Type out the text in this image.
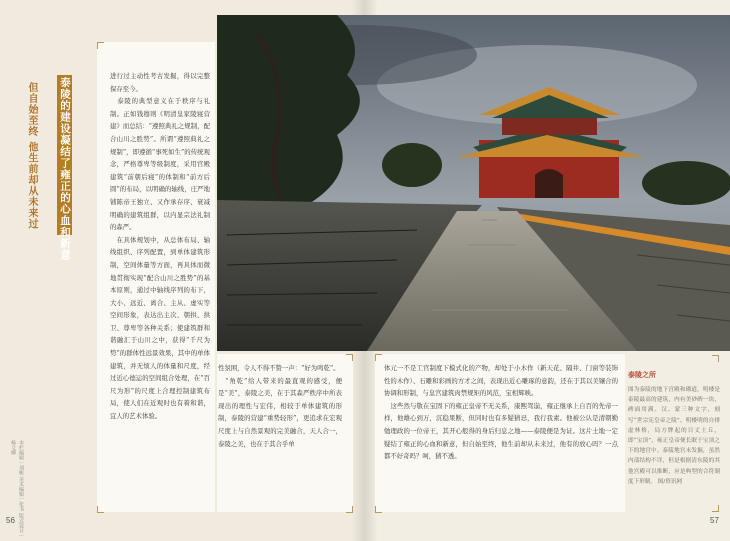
泰陵的建设凝结了雍正的心血和新意
但自始至终 他生前却从未来过
本栏编辑｜刘彬 美术编辑｜张书 版式设计｜杨文卿
进行过主动性考古发掘，得以完整保存至今。
　泰陵的典型意义在于秩序与礼制。正如钱穆则《明清皇家陵寝营建》而总结：“遵照典礼之规制，配合山川之胜势”。所谓“遵照典礼之规制”，即遵循“事死如生”的传统观念，严格尊卑等级制度，采用官殿建筑“前朝后寝”的体制和“前方后圆”的布局，以明确的轴线，庄严地铺陈帝王独立、又作承存序、衰减明确的建筑组群，以内显宗法礼制的森严。
　在具体规划中，从总体布局、轴线组织、序列配置，到单体建筑形制，空间体量等方面，再具体而微地贯彻实现“配合山川之胜势”的基本原则，通过中轴线序列的布下，大小、远近、离合、主从、虚实等空间形象，表达出主次、朝拱、拱卫、尊卑等各种关系；使建筑群和谐融汇于山川之中，获得“千尺为势”的群体性远景效果，其中的单体建筑，并无烦人的体量和尺度，经过近心德运的空间组合处理，在“百尺为形”的尺度上合理控制建筑布局，使人们在近观时也有着和谐，宜人的艺术体验。
性氛围，令人不得不赞一声：“好为鸣乾”。
　“角乾”给人带来的最直观的感受，便是“美”，泰陵之美，在于其森严秩序中所表现出的理性与宏伟，相较于单体建筑的形制，泰陵的营建“重势轻形”，更追求在宏观尺度上与自然景观的完美融合，天人合一，泰陵之美，也在于其合乎单
体元一不是工官制度下模式化的产物，却处于小木作（新天花、隔井、门窗等装饰性的木作）、石雕和彩画的方才之间，表现出近心雕琢的意韵，还在于其以美镶合的协调和形制，与皇宫建筑肉禁规矩的风范，宝相辉映。
　这些然与敬在宝固下的雍正皇帝不无关系，康熙驾崩，雍正继承上自百的先帝一样，他雄心到万，沉稳果断，但同时也有多疑猜忌，我行我素。他被公认是清朝勤勉理政的一位帝王，其开心般得的身后归息之地——泰陵便是为证。这片土地一定疑结了雍正的心血和新意，但自始至终，他生前却从未来过，他有的放心吗？一点都不好奇吗？呵，猜不透。
泰陵之所
图为泰陵的地下宫殿和砌道，明楼是泰陵最高的建筑，内有美砂碑一块，碑面用满、汉、蒙三种文字，刻写“世宗宪皇帝之陵”，明楼明的自排虚林格，局方牌起的日丈土丘，即“宝顶”，雍正皇帝便长眠于宝顶之下的地宫中。泰陵地宫未发掘，虽然内部结构不详，但是根据清东陵的其他宫殿可以推断，应是典型的合符制度下形制。 图/资讯网
56	57
